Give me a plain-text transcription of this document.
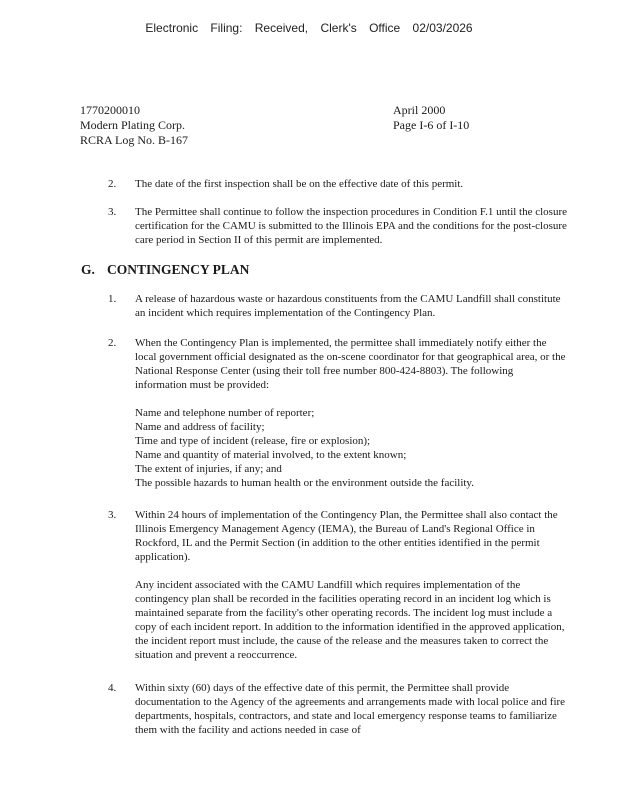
Electronic Filing: Received, Clerk's Office 02/03/2026
1770200010
Modern Plating Corp.
RCRA Log No. B-167
April 2000
Page I-6 of I-10
2. The date of the first inspection shall be on the effective date of this permit.
3. The Permittee shall continue to follow the inspection procedures in Condition F.1 until the closure certification for the CAMU is submitted to the Illinois EPA and the conditions for the post-closure care period in Section II of this permit are implemented.
G. CONTINGENCY PLAN
1. A release of hazardous waste or hazardous constituents from the CAMU Landfill shall constitute an incident which requires implementation of the Contingency Plan.
2. When the Contingency Plan is implemented, the permittee shall immediately notify either the local government official designated as the on-scene coordinator for that geographical area, or the National Response Center (using their toll free number 800-424-8803). The following information must be provided:

Name and telephone number of reporter;
Name and address of facility;
Time and type of incident (release, fire or explosion);
Name and quantity of material involved, to the extent known;
The extent of injuries, if any; and
The possible hazards to human health or the environment outside the facility.
3. Within 24 hours of implementation of the Contingency Plan, the Permittee shall also contact the Illinois Emergency Management Agency (IEMA), the Bureau of Land's Regional Office in Rockford, IL and the Permit Section (in addition to the other entities identified in the permit application).

Any incident associated with the CAMU Landfill which requires implementation of the contingency plan shall be recorded in the facilities operating record in an incident log which is maintained separate from the facility's other operating records. The incident log must include a copy of each incident report. In addition to the information identified in the approved application, the incident report must include, the cause of the release and the measures taken to correct the situation and prevent a reoccurrence.

4. Within sixty (60) days of the effective date of this permit, the Permittee shall provide documentation to the Agency of the agreements and arrangements made with local police and fire departments, hospitals, contractors, and state and local emergency response teams to familiarize them with the facility and actions needed in case of
